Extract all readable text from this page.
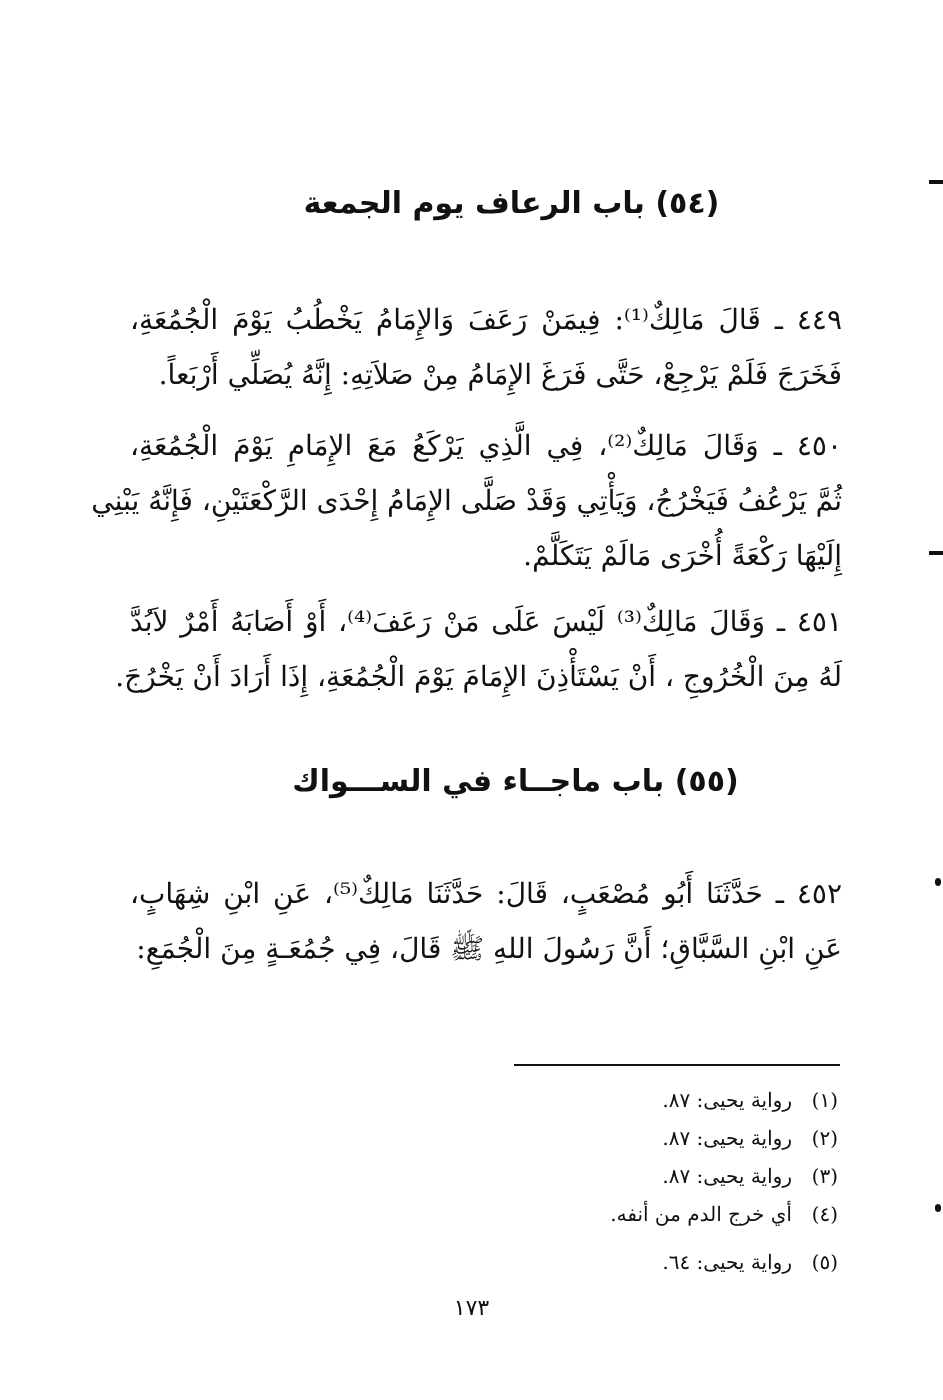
(٥٤) باب الرعاف يوم الجمعة
٤٤٩ ـ قَالَ مَالِكٌ⁽¹⁾: فِيمَنْ رَعَفَ وَالإِمَامُ يَخْطُبُ يَوْمَ الْجُمُعَةِ،
فَخَرَجَ فَلَمْ يَرْجِعْ، حَتَّى فَرَغَ الإِمَامُ مِنْ صَلاَتِهِ: إِنَّهُ يُصَلِّي أَرْبَعاً.
٤٥٠ ـ وَقَالَ مَالِكٌ⁽²⁾، فِي الَّذِي يَرْكَعُ مَعَ الإِمَامِ يَوْمَ الْجُمُعَةِ،
ثُمَّ يَرْعُفُ فَيَخْرُجُ، وَيَأْتِي وَقَدْ صَلَّى الإِمَامُ إِحْدَى الرَّكْعَتَيْنِ، فَإِنَّهُ يَبْنِي
إِلَيْهَا رَكْعَةً أُخْرَى مَالَمْ يَتَكَلَّمْ.
٤٥١ ـ وَقَالَ مَالِكٌ⁽³⁾ لَيْسَ عَلَى مَنْ رَعَفَ⁽⁴⁾، أَوْ أَصَابَهُ أَمْرٌ لاَبُدَّ
لَهُ مِنَ الْخُرُوجِ ، أَنْ يَسْتَأْذِنَ الإِمَامَ يَوْمَ الْجُمُعَةِ، إِذَا أَرَادَ أَنْ يَخْرُجَ.
(٥٥) باب ماجــاء في الســـواك
٤٥٢ ـ حَدَّثَنَا أَبُو مُصْعَبٍ، قَالَ: حَدَّثَنَا مَالِكٌ⁽⁵⁾، عَنِ ابْنِ شِهَابٍ،
عَنِ ابْنِ السَّبَّاقِ؛ أَنَّ رَسُولَ اللهِ ﷺ قَالَ، فِي جُمُعَـةٍ مِنَ الْجُمَعِ:
(١)
رواية يحيى: ٨٧.
(٢)
رواية يحيى: ٨٧.
(٣)
رواية يحيى: ٨٧.
(٤)
أي خرج الدم من أنفه.
(٥)
رواية يحيى: ٦٤.
١٧٣
